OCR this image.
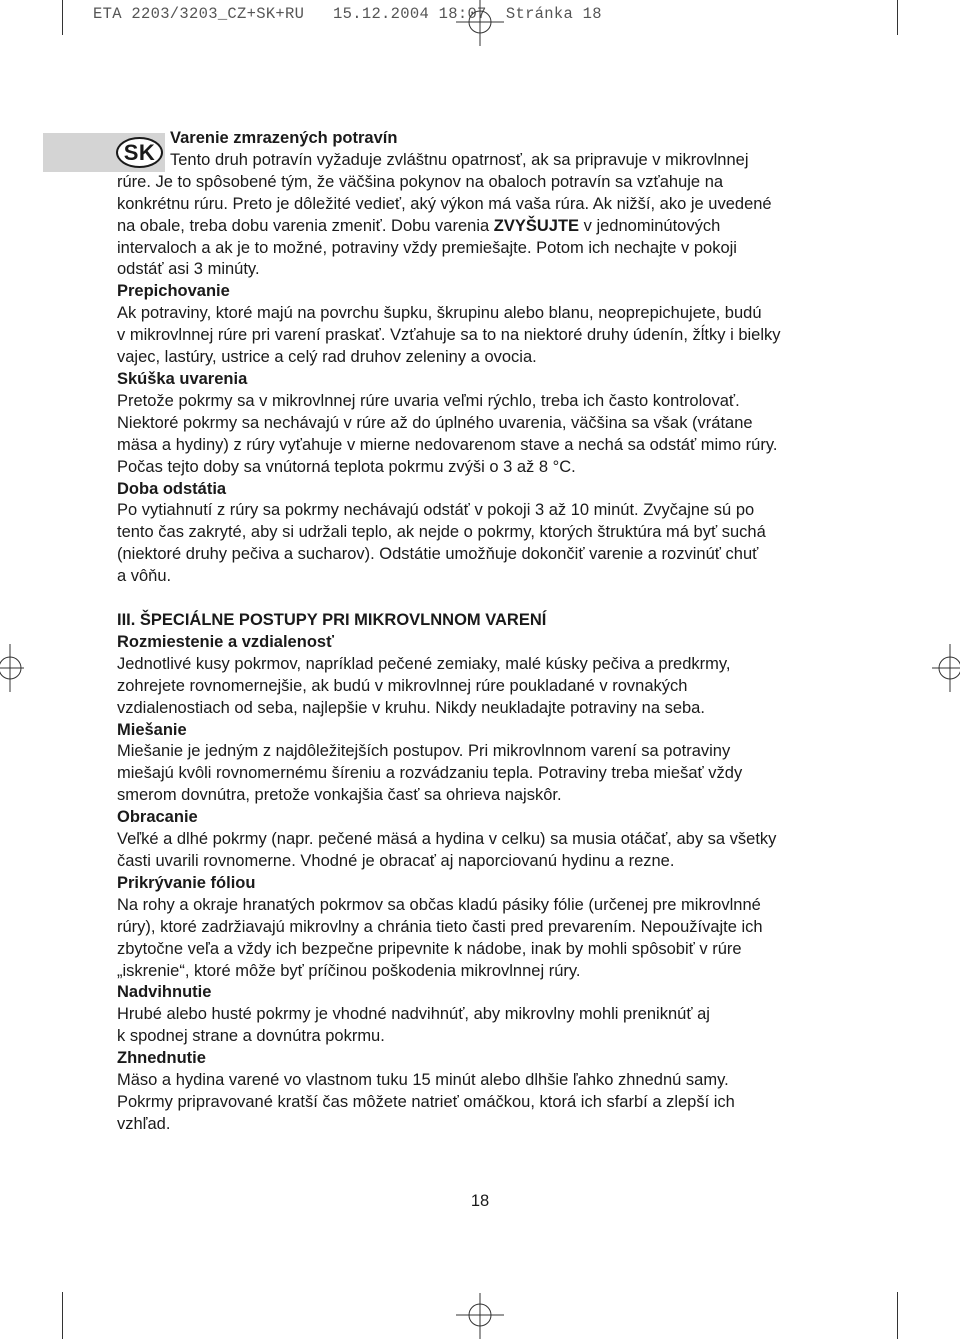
ETA 2203/3203_CZ+SK+RU   15.12.2004 18:07  Stránka 18
SK

Varenie zmrazených potravín

Tento druh potravín vyžaduje zvláštnu opatrnosť, ak sa pripravuje v mikrovlnnej

rúre. Je to spôsobené tým, že väčšina pokynov na obaloch potravín sa vzťahuje na

konkrétnu rúru. Preto je dôležité vedieť, aký výkon má vaša rúra. Ak nižší, ako je uvedené

na obale, treba dobu varenia zmeniť. Dobu varenia ZVYŠUJTE v jednominútových

intervaloch a ak je to možné, potraviny vždy premiešajte. Potom ich nechajte v pokoji

odstáť asi 3 minúty.

Prepichovanie

Ak potraviny, ktoré majú na povrchu šupku, škrupinu alebo blanu, neoprepichujete, budú

v mikrovlnnej rúre pri varení praskať. Vzťahuje sa to na niektoré druhy údenín, žĺtky i bielky

vajec, lastúry, ustrice a celý rad druhov zeleniny a ovocia.

Skúška uvarenia

Pretože pokrmy sa v mikrovlnnej rúre uvaria veľmi rýchlo, treba ich často kontrolovať.

Niektoré pokrmy sa nechávajú v rúre až do úplného uvarenia, väčšina sa však (vrátane

mäsa a hydiny) z rúry vyťahuje v mierne nedovarenom stave a nechá sa odstáť mimo rúry.

Počas tejto doby sa vnútorná teplota pokrmu zvýši o 3 až 8 °C.

Doba odstátia

Po vytiahnutí z rúry sa pokrmy nechávajú odstáť v pokoji 3 až 10 minút. Zvyčajne sú po

tento čas zakryté, aby si udržali teplo, ak nejde o pokrmy, ktorých štruktúra má byť suchá

(niektoré druhy pečiva a sucharov). Odstátie umožňuje dokončiť varenie a rozvinúť chuť

a vôňu.

III. ŠPECIÁLNE POSTUPY PRI MIKROVLNNOM VARENÍ

Rozmiestenie a vzdialenosť

Jednotlivé kusy pokrmov, napríklad pečené zemiaky, malé kúsky pečiva a predkrmy,

zohrejete rovnomernejšie, ak budú v mikrovlnnej rúre poukladané v rovnakých

vzdialenostiach od seba, najlepšie v kruhu. Nikdy neukladajte potraviny na seba.

Miešanie

Miešanie je jedným z najdôležitejších postupov. Pri mikrovlnnom varení sa potraviny

miešajú kvôli rovnomernému šíreniu a rozvádzaniu tepla. Potraviny treba miešať vždy

smerom dovnútra, pretože vonkajšia časť sa ohrieva najskôr.

Obracanie

Veľké a dlhé pokrmy (napr. pečené mäsá a hydina v celku) sa musia otáčať, aby sa všetky

časti uvarili rovnomerne. Vhodné je obracať aj naporciovanú hydinu a rezne.

Prikrývanie fóliou

Na rohy a okraje hranatých pokrmov sa občas kladú pásiky fólie (určenej pre mikrovlnné

rúry), ktoré zadržiavajú mikrovlny a chránia tieto časti pred prevarením. Nepoužívajte ich

zbytočne veľa a vždy ich bezpečne pripevnite k nádobe, inak by mohli spôsobiť v rúre

„iskrenie“, ktoré môže byť príčinou poškodenia mikrovlnnej rúry.

Nadvihnutie

Hrubé alebo husté pokrmy je vhodné nadvihnúť, aby mikrovlny mohli preniknúť aj

k spodnej strane a dovnútra pokrmu.

Zhnednutie

Mäso a hydina varené vo vlastnom tuku 15 minút alebo dlhšie ľahko zhnednú samy.

Pokrmy pripravované kratší čas môžete natrieť omáčkou, ktorá ich sfarbí a zlepší ich

vzhľad.

18
